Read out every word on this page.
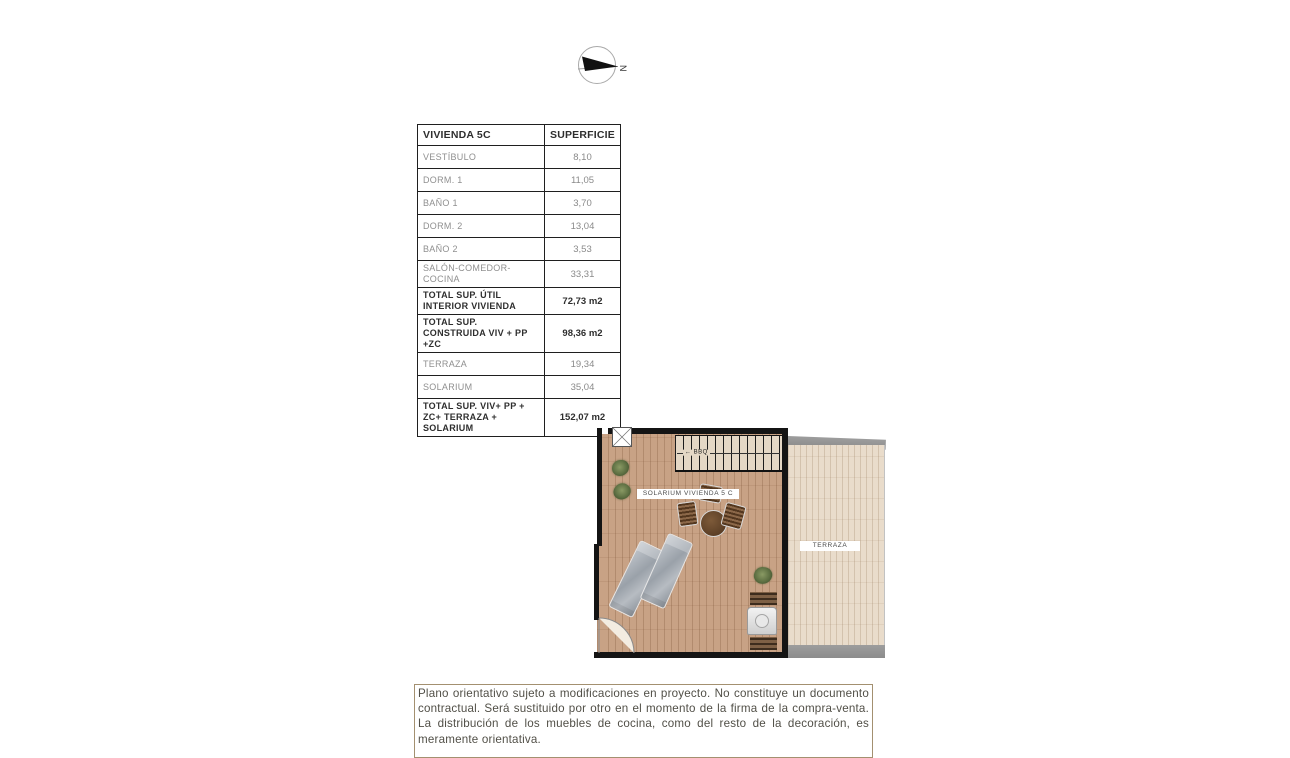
N
VIVIENDA 5C	SUPERFICIE
VESTÍBULO	8,10
DORM. 1	11,05
BAÑO 1	3,70
DORM. 2	13,04
BAÑO 2	3,53
SALÓN-COMEDOR-COCINA	33,31
TOTAL SUP. ÚTIL INTERIOR VIVIENDA	72,73 m2
TOTAL SUP. CONSTRUIDA VIV + PP +ZC	98,36 m2
TERRAZA	19,34
SOLARIUM	35,04
TOTAL SUP. VIV+ PP + ZC+ TERRAZA + SOLARIUM	152,07 m2
← BBQ
SOLARIUM VIVIENDA 5 C
TERRAZA
Plano orientativo sujeto a modificaciones en proyecto. No constituye un documento contractual. Será sustituido por otro en el momento de la firma de la compra-venta. La distribución de los muebles de cocina, como del resto de la decoración, es meramente orientativa.
